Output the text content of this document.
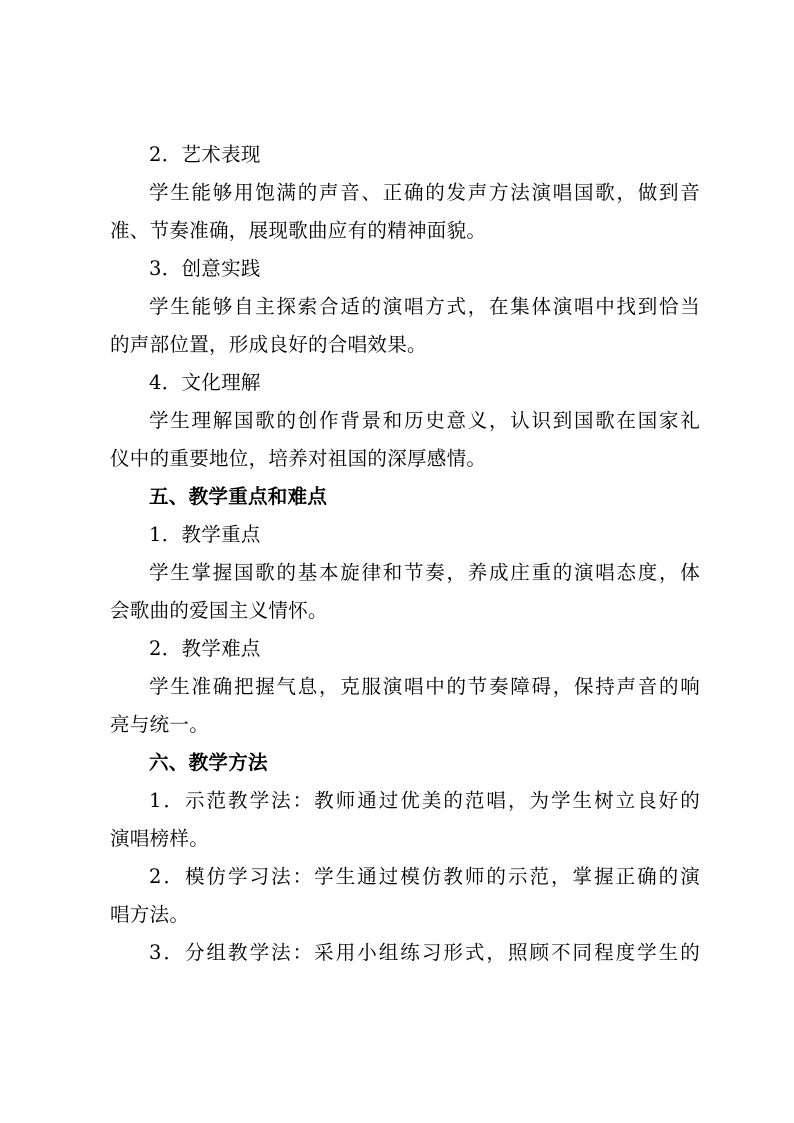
2．艺术表现
学生能够用饱满的声音、正确的发声方法演唱国歌，做到音
准、节奏准确，展现歌曲应有的精神面貌。
3．创意实践
学生能够自主探索合适的演唱方式，在集体演唱中找到恰当
的声部位置，形成良好的合唱效果。
4．文化理解
学生理解国歌的创作背景和历史意义，认识到国歌在国家礼
仪中的重要地位，培养对祖国的深厚感情。
五、教学重点和难点
1．教学重点
学生掌握国歌的基本旋律和节奏，养成庄重的演唱态度，体
会歌曲的爱国主义情怀。
2．教学难点
学生准确把握气息，克服演唱中的节奏障碍，保持声音的响
亮与统一。
六、教学方法
1．示范教学法：教师通过优美的范唱，为学生树立良好的
演唱榜样。
2．模仿学习法：学生通过模仿教师的示范，掌握正确的演
唱方法。
3．分组教学法：采用小组练习形式，照顾不同程度学生的
